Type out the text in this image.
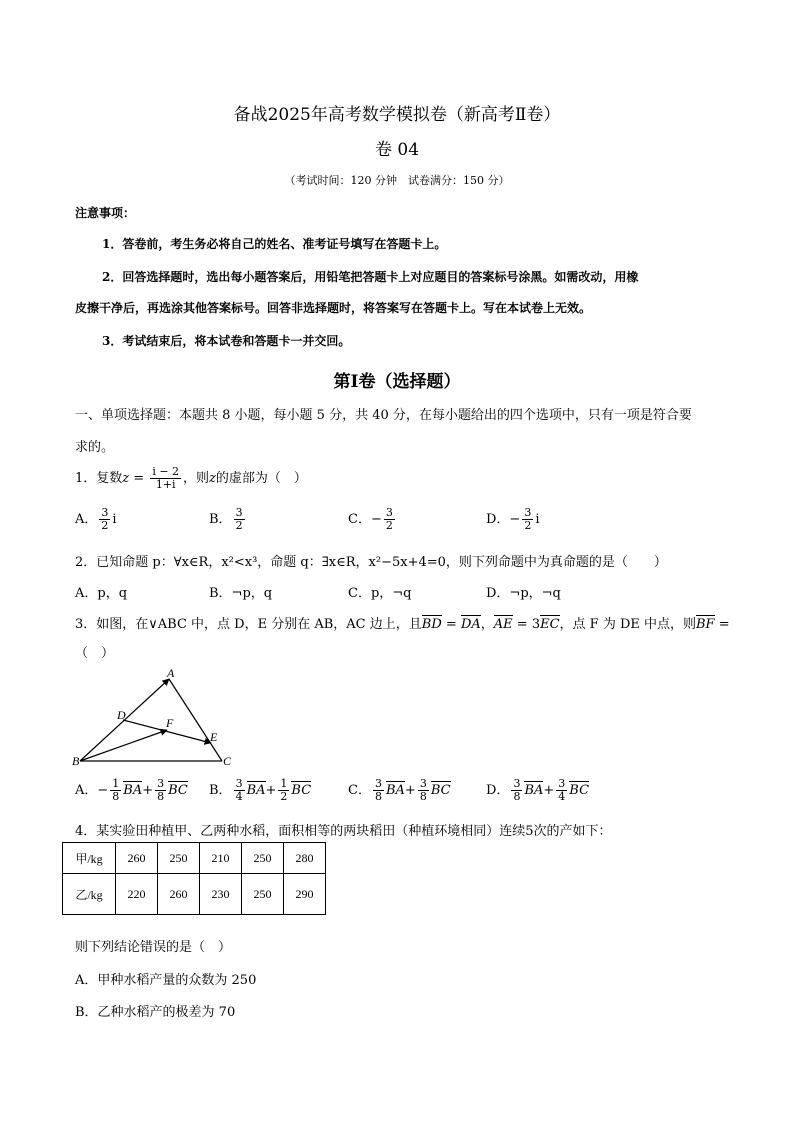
备战2025年高考数学模拟卷（新高考Ⅱ卷）
卷 04
（考试时间：120 分钟　试卷满分：150 分）
注意事项：
1．答卷前，考生务必将自己的姓名、准考证号填写在答题卡上。
2．回答选择题时，选出每小题答案后，用铅笔把答题卡上对应题目的答案标号涂黑。如需改动，用橡
皮擦干净后，再选涂其他答案标号。回答非选择题时，将答案写在答题卡上。写在本试卷上无效。
3．考试结束后，将本试卷和答题卡一并交回。
第Ⅰ卷（选择题）
一、单项选择题：本题共 8 小题，每小题 5 分，共 40 分，在每小题给出的四个选项中，只有一项是符合要
求的。
1．复数$z = \frac{i - 2}{1+i}$ ，则z的虚部为（　）
A． $\frac{3}{2}$ i	B． $\frac{3}{2}$	C．− $\frac{3}{2}$	D．− $\frac{3}{2}$ i
2．已知命题 p：∀x∈R，x²<x³，命题 q：∃x∈R，x²−5x+4=0，则下列命题中为真命题的是（　　）
A．p，q	B．¬p，q	C．p，¬q	D．¬p，¬q
3．如图，在∨ABC 中，点 D，E 分别在 AB，AC 边上，且BD = DA，AE = 3EC，点 F 为 DE 中点，则BF =
（　）
A
B	C
D
E
F
A．− $\frac{1}{8} BA+ \frac{3}{8}$ BC B． $\frac{3}{4} BA+ \frac{1}{2}$ BC	C． $\frac{3}{8} BA+ \frac{3}{8}$ BC	D． $\frac{3}{8} BA+ \frac{3}{4}$ BC
4．某实验田种植甲、乙两种水稻，面积相等的两块稻田（种植环境相同）连续5次的产如下：
甲/kg	260	250	210	250	280
乙/kg	220	260	230	250	290
则下列结论错误的是（　）
A．甲种水稻产量的众数为 250
B．乙种水稻产的极差为 70
